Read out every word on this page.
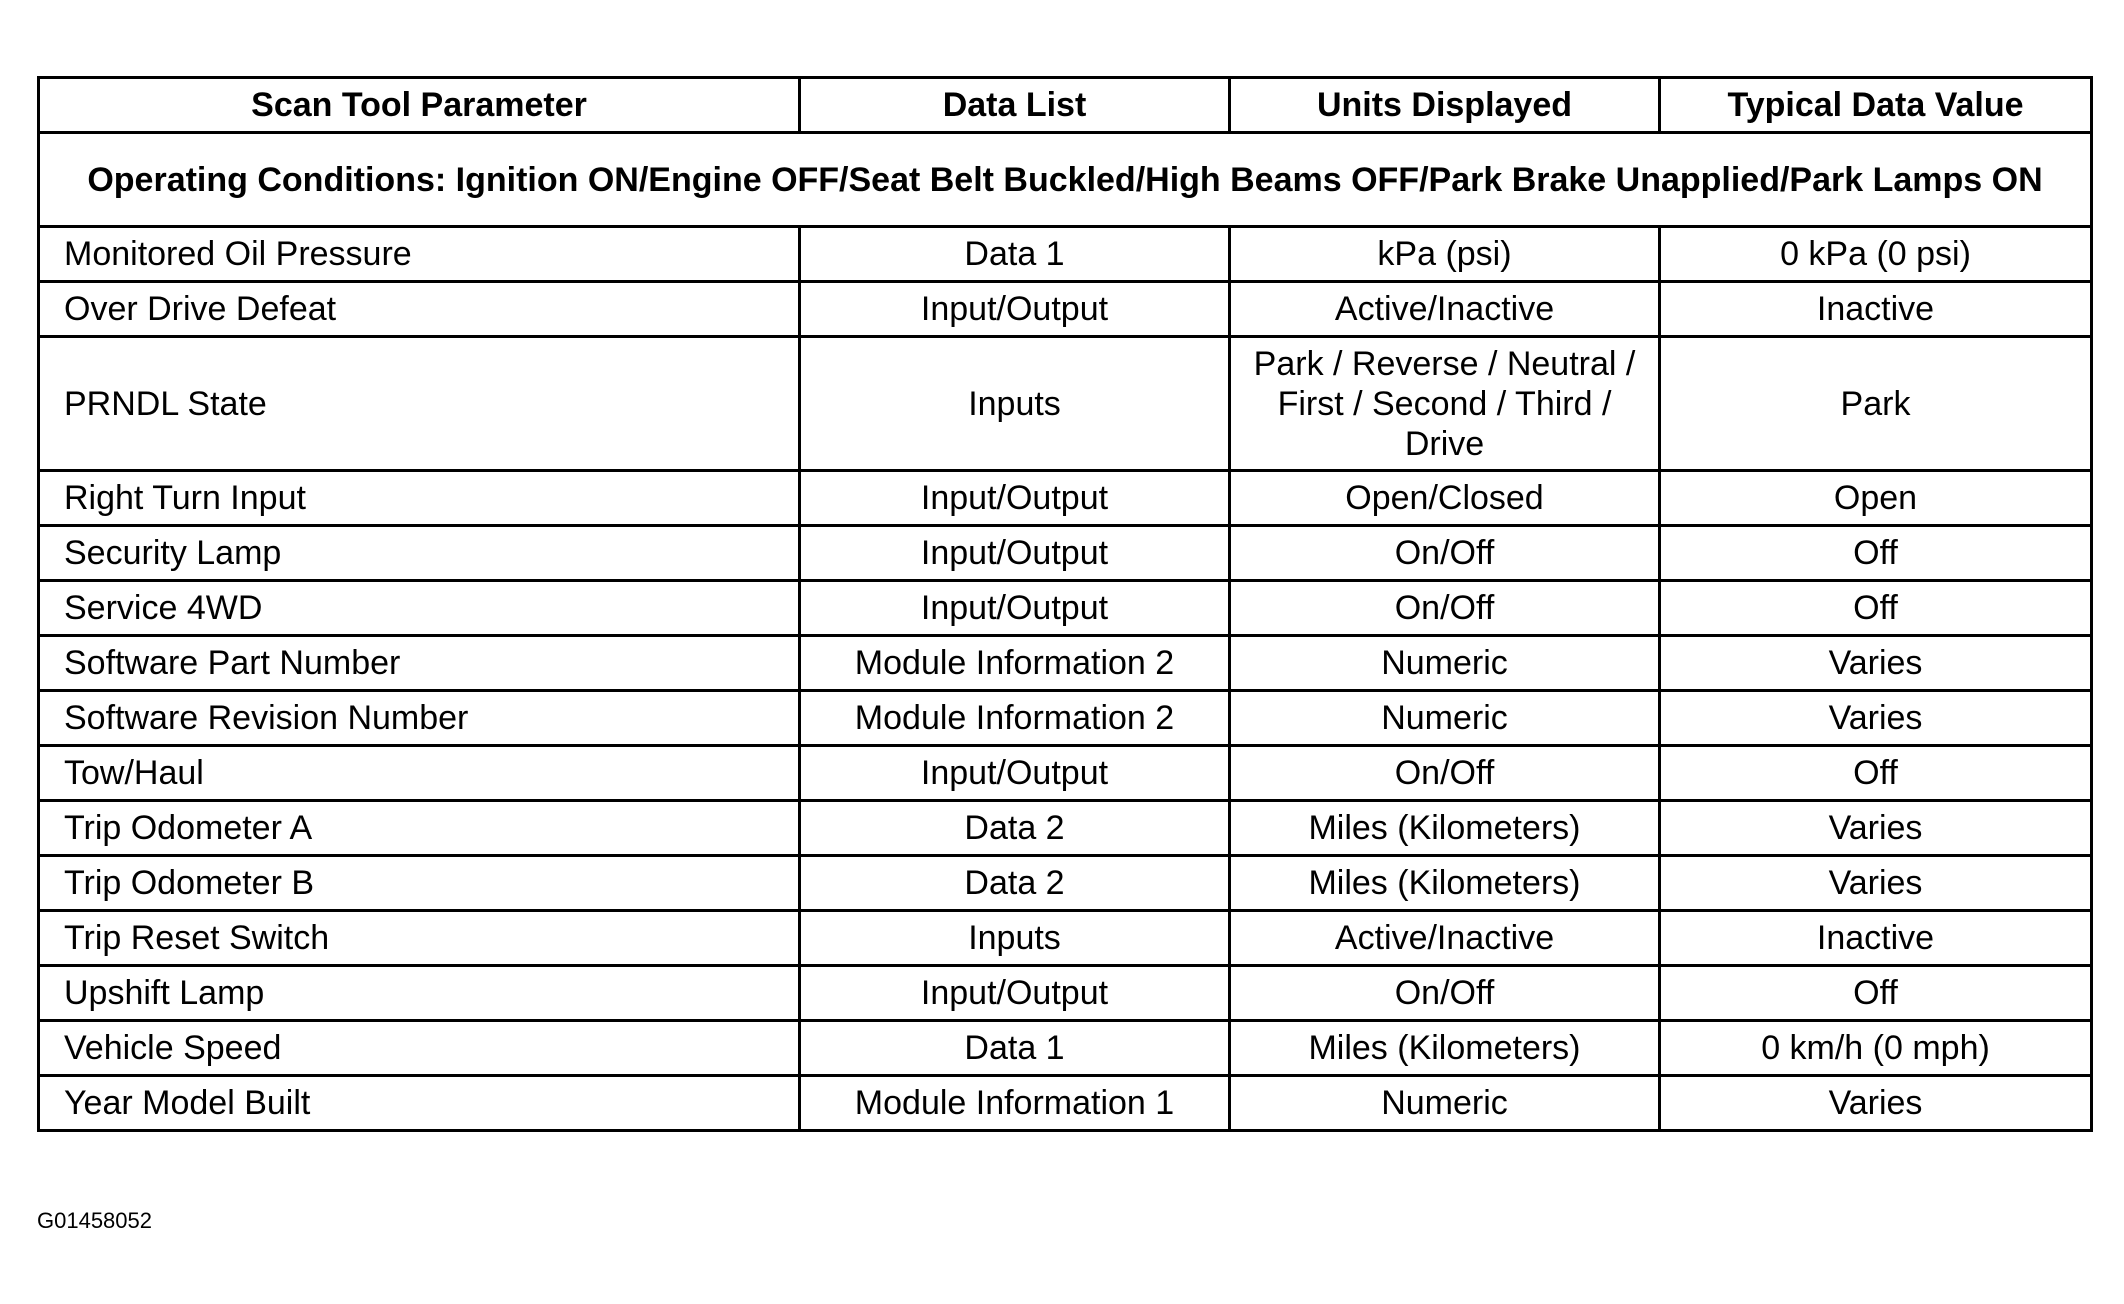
Scan Tool Parameter	Data List	Units Displayed	Typical Data Value
Operating Conditions: Ignition ON/Engine OFF/Seat Belt Buckled/High Beams OFF/Park Brake Unapplied/Park Lamps ON			
Monitored Oil Pressure	Data 1	kPa (psi)	0 kPa (0 psi)
Over Drive Defeat	Input/Output	Active/Inactive	Inactive
PRNDL State	Inputs	Park / Reverse / Neutral / First / Second / Third / Drive	Park
Right Turn Input	Input/Output	Open/Closed	Open
Security Lamp	Input/Output	On/Off	Off
Service 4WD	Input/Output	On/Off	Off
Software Part Number	Module Information 2	Numeric	Varies
Software Revision Number	Module Information 2	Numeric	Varies
Tow/Haul	Input/Output	On/Off	Off
Trip Odometer A	Data 2	Miles (Kilometers)	Varies
Trip Odometer B	Data 2	Miles (Kilometers)	Varies
Trip Reset Switch	Inputs	Active/Inactive	Inactive
Upshift Lamp	Input/Output	On/Off	Off
Vehicle Speed	Data 1	Miles (Kilometers)	0 km/h (0 mph)
Year Model Built	Module Information 1	Numeric	Varies
G01458052
